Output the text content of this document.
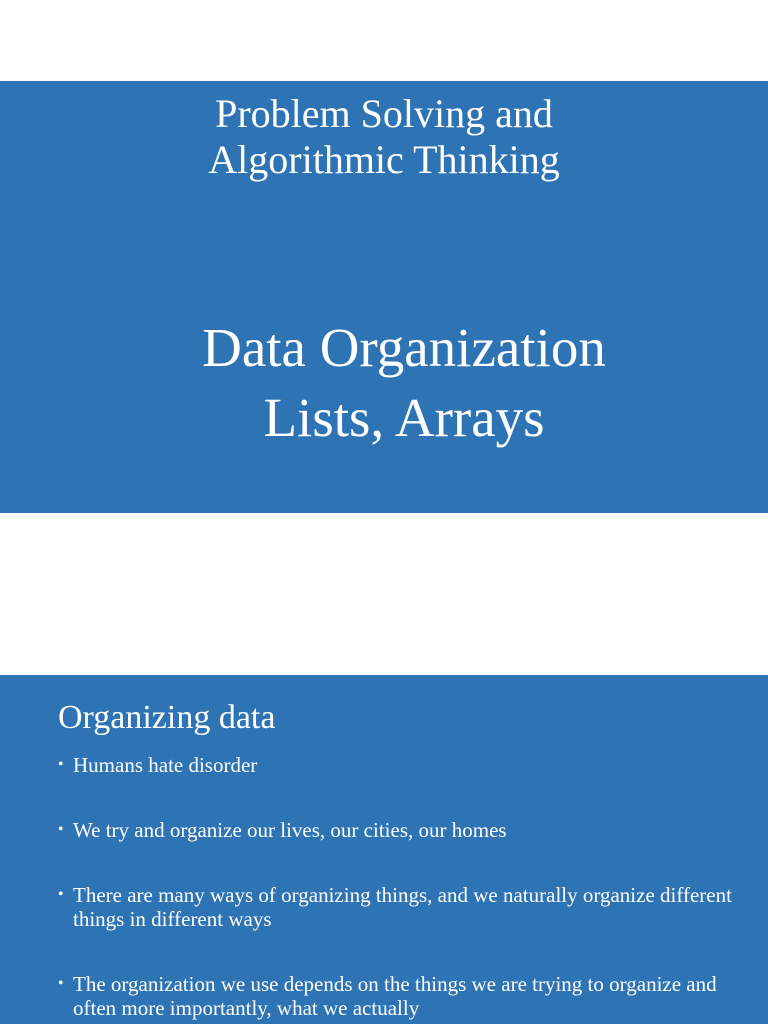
Problem Solving and
Algorithmic Thinking
Data Organization
Lists, Arrays
Organizing data
• Humans hate disorder
• We try and organize our lives, our cities, our homes
• There are many ways of organizing things, and we naturally organize different things in different ways
• The organization we use depends on the things we are trying to organize and often more importantly, what we actually
